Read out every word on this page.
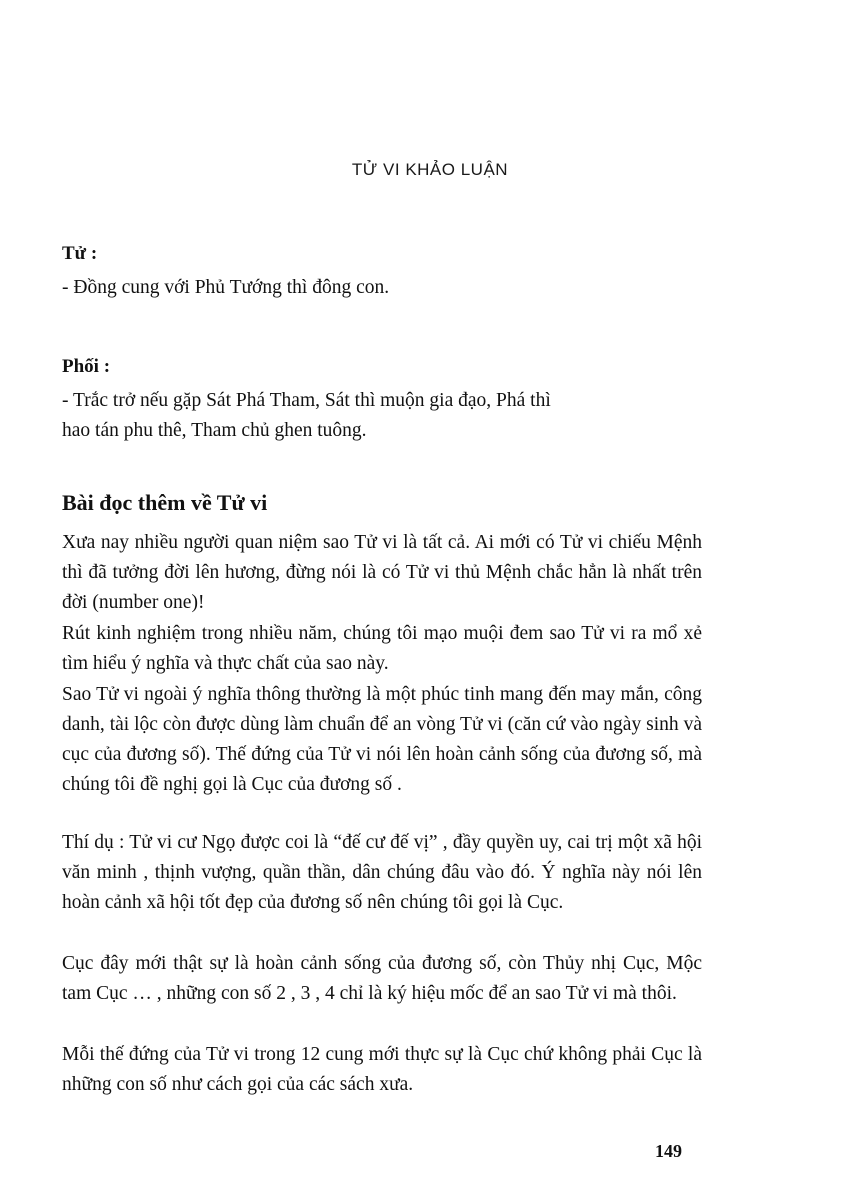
TỬ VI KHẢO LUẬN
Tử :

- Đồng cung với Phủ Tướng thì đông con.

Phối :

- Trắc trở nếu gặp Sát Phá Tham, Sát thì muộn gia đạo, Phá thì

hao tán phu thê, Tham chủ ghen tuông.

Bài đọc thêm về Tử vi

Xưa nay nhiều người quan niệm sao Tử vi là tất cả. Ai mới có Tử vi chiếu Mệnh thì đã tưởng đời lên hương, đừng nói là có Tử vi thủ Mệnh chắc hẳn là nhất trên đời (number one)!

Rút kinh nghiệm trong nhiều năm, chúng tôi mạo muội đem sao Tử vi ra mổ xẻ tìm hiểu ý nghĩa và thực chất của sao này.

Sao Tử vi ngoài ý nghĩa thông thường là một phúc tinh mang đến may mắn, công danh, tài lộc còn được dùng làm chuẩn để an vòng Tử vi (căn cứ vào ngày sinh và cục của đương số). Thế đứng của Tử vi nói lên hoàn cảnh sống của đương số, mà chúng tôi đề nghị gọi là Cục của đương số .

Thí dụ : Tử vi cư Ngọ được coi là “đế cư đế vị” , đầy quyền uy, cai trị một xã hội văn minh , thịnh vượng, quần thần, dân chúng đâu vào đó. Ý nghĩa này nói lên hoàn cảnh xã hội tốt đẹp của đương số nên chúng tôi gọi là Cục.

Cục đây mới thật sự là hoàn cảnh sống của đương số, còn Thủy nhị Cục, Mộc tam Cục … , những con số 2 , 3 , 4 chỉ là ký hiệu mốc để an sao Tử vi mà thôi.

Mỗi thế đứng của Tử vi trong 12 cung mới thực sự là Cục chứ không phải Cục là những con số như cách gọi của các sách xưa.

149
